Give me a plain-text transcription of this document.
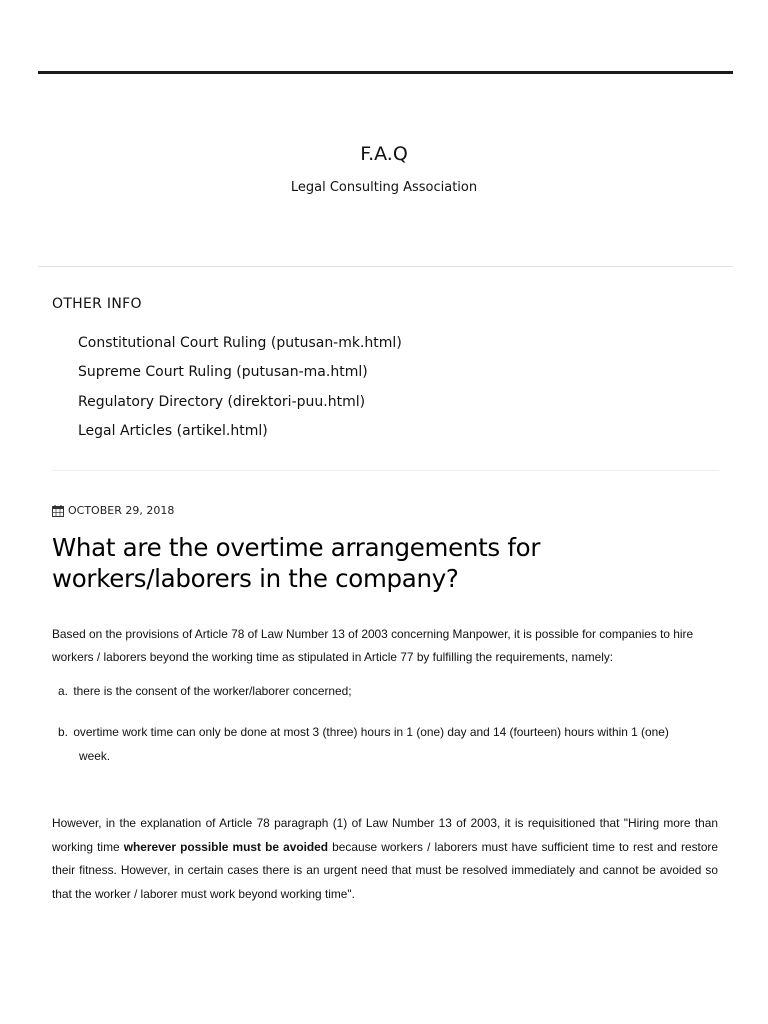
F.A.Q
Legal Consulting Association
OTHER INFO
Constitutional Court Ruling (putusan-mk.html)
Supreme Court Ruling (putusan-ma.html)
Regulatory Directory (direktori-puu.html)
Legal Articles (artikel.html)
OCTOBER 29, 2018
What are the overtime arrangements for workers/laborers in the company?

Based on the provisions of Article 78 of Law Number 13 of 2003 concerning Manpower, it is possible for companies to hire workers / laborers beyond the working time as stipulated in Article 77 by fulfilling the requirements, namely:

a. there is the consent of the worker/laborer concerned;
b. overtime work time can only be done at most 3 (three) hours in 1 (one) day and 14 (fourteen) hours within 1 (one)
week.

However, in the explanation of Article 78 paragraph (1) of Law Number 13 of 2003, it is requisitioned that "Hiring more than working time wherever possible must be avoided because workers / laborers must have sufficient time to rest and restore their fitness. However, in certain cases there is an urgent need that must be resolved immediately and cannot be avoided so that the worker / laborer must work beyond working time".
